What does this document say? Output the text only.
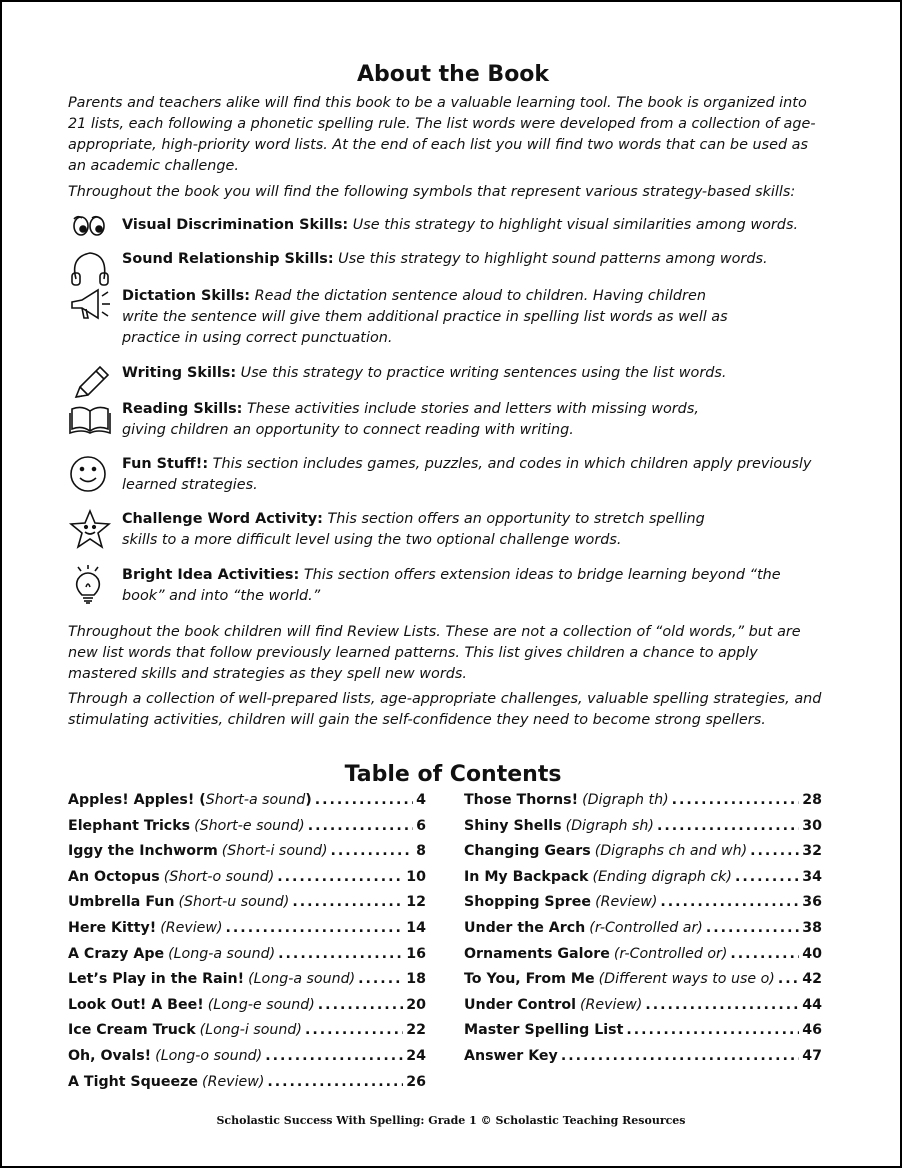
About the Book

Parents and teachers alike will find this book to be a valuable learning tool. The book is organized into 21 lists, each following a phonetic spelling rule. The list words were developed from a collection of age-appropriate, high-priority word lists. At the end of each list you will find two words that can be used as an academic challenge.

Throughout the book you will find the following symbols that represent various strategy-based skills:

Visual Discrimination Skills: Use this strategy to highlight visual similarities among words.

Sound Relationship Skills: Use this strategy to highlight sound patterns among words.

Dictation Skills: Read the dictation sentence aloud to children. Having children write the sentence will give them additional practice in spelling list words as well as practice in using correct punctuation.

Writing Skills: Use this strategy to practice writing sentences using the list words.

Reading Skills: These activities include stories and letters with missing words, giving children an opportunity to connect reading with writing.

Fun Stuff!: This section includes games, puzzles, and codes in which children apply previously learned strategies.

Challenge Word Activity: This section offers an opportunity to stretch spelling skills to a more difficult level using the two optional challenge words.

Bright Idea Activities: This section offers extension ideas to bridge learning beyond “the book” and into “the world.”

Throughout the book children will find Review Lists. These are not a collection of “old words,” but are new list words that follow previously learned patterns. This list gives children a chance to apply mastered skills and strategies as they spell new words.

Through a collection of well-prepared lists, age-appropriate challenges, valuable spelling strategies, and stimulating activities, children will gain the self-confidence they need to become strong spellers.

Table of Contents
Apples! Apples! ( Short-a sound ) .....	4
Elephant Tricks (Short-e sound) .....	6
Iggy the Inchworm (Short-i sound) .....	8
An Octopus (Short-o sound) .....	10
Umbrella Fun (Short-u sound) .....	12
Here Kitty! (Review) .....	14
A Crazy Ape (Long-a sound) .....	16
Let’s Play in the Rain! (Long-a sound) .....	18
Look Out! A Bee! (Long-e sound) .....	20
Ice Cream Truck (Long-i sound) .....	22
Oh, Ovals! (Long-o sound) .....	24
A Tight Squeeze (Review) .....	26
Those Thorns! (Digraph th) .....	28
Shiny Shells (Digraph sh) .....	30
Changing Gears (Digraphs ch and wh) .....	32
In My Backpack (Ending digraph ck) .....	34
Shopping Spree (Review) .....	36
Under the Arch (r-Controlled ar) .....	38
Ornaments Galore (r-Controlled or) .....	40
To You, From Me (Different ways to use o) ..... 42
Under Control (Review) .....	44
Master Spelling List .....	46
Answer Key .....	47
Scholastic Success With Spelling: Grade 1 © Scholastic Teaching Resources
